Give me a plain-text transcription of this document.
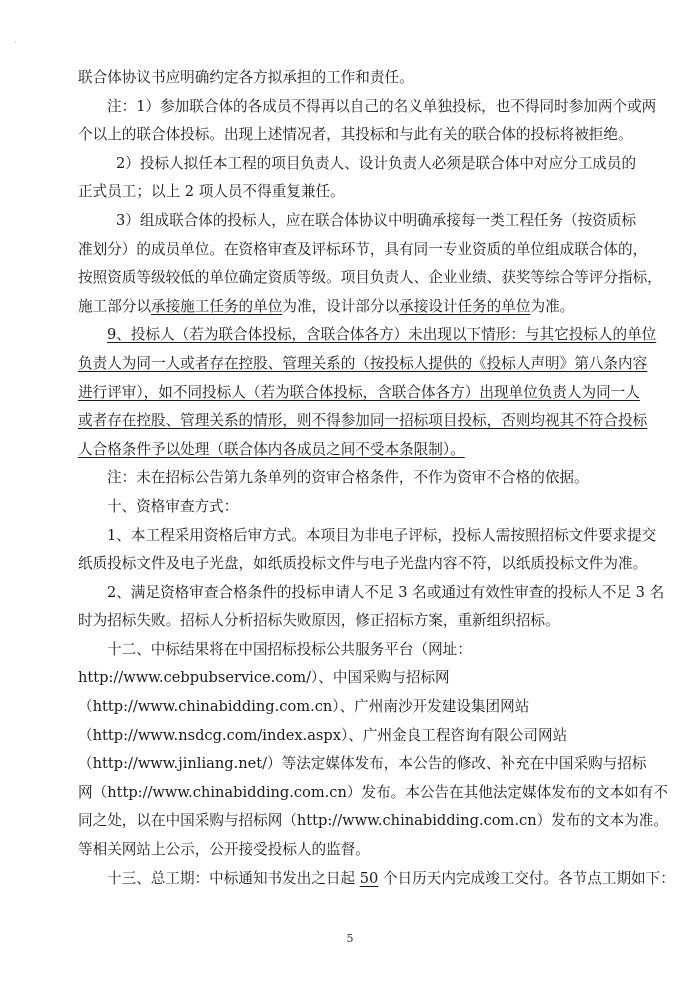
·
联合体协议书应明确约定各方拟承担的工作和责任。
注：1）参加联合体的各成员不得再以自己的名义单独投标，也不得同时参加两个或两
个以上的联合体投标。出现上述情况者，其投标和与此有关的联合体的投标将被拒绝。
2）投标人拟任本工程的项目负责人、设计负责人必须是联合体中对应分工成员的
正式员工；以上 2 项人员不得重复兼任。
3）组成联合体的投标人，应在联合体协议中明确承接每一类工程任务（按资质标
准划分）的成员单位。在资格审查及评标环节，具有同一专业资质的单位组成联合体的，
按照资质等级较低的单位确定资质等级。项目负责人、企业业绩、获奖等综合等评分指标，
施工部分以承接施工任务的单位为准，设计部分以承接设计任务的单位为准。
9、投标人（若为联合体投标，含联合体各方）未出现以下情形：与其它投标人的单位
负责人为同一人或者存在控股、管理关系的（按投标人提供的《投标人声明》第八条内容
进行评审），如不同投标人（若为联合体投标，含联合体各方）出现单位负责人为同一人
或者存在控股、管理关系的情形，则不得参加同一招标项目投标，否则均视其不符合投标
人合格条件予以处理（联合体内各成员之间不受本条限制）。
注：未在招标公告第九条单列的资审合格条件，不作为资审不合格的依据。
十、资格审查方式：
1、本工程采用资格后审方式。本项目为非电子评标，投标人需按照招标文件要求提交
纸质投标文件及电子光盘，如纸质投标文件与电子光盘内容不符，以纸质投标文件为准。
2、满足资格审查合格条件的投标申请人不足 3 名或通过有效性审查的投标人不足 3 名
时为招标失败。招标人分析招标失败原因，修正招标方案，重新组织招标。
十二、中标结果将在中国招标投标公共服务平台（网址：
http://www.cebpubservice.com/）、中国采购与招标网
（http://www.chinabidding.com.cn）、广州南沙开发建设集团网站
（http://www.nsdcg.com/index.aspx）、广州金良工程咨询有限公司网站
（http://www.jinliang.net/）等法定媒体发布，本公告的修改、补充在中国采购与招标
网（http://www.chinabidding.com.cn）发布。本公告在其他法定媒体发布的文本如有不
同之处，以在中国采购与招标网（http://www.chinabidding.com.cn）发布的文本为准。
等相关网站上公示，公开接受投标人的监督。
十三、总工期：中标通知书发出之日起 50 个日历天内完成竣工交付。各节点工期如下：
5
